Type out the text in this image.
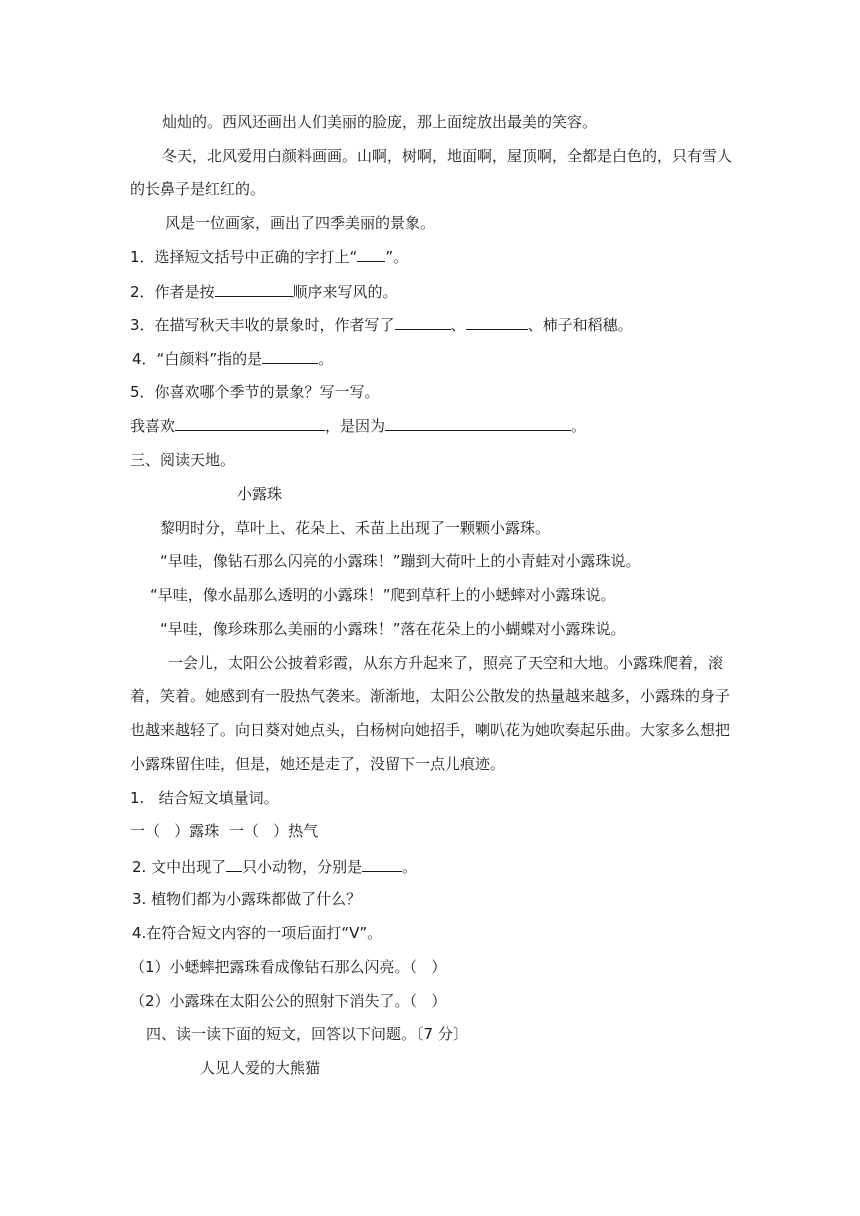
灿灿的。西风还画出人们美丽的脸庞，那上面绽放出最美的笑容。
冬天，北风爱用白颜料画画。山啊，树啊，地面啊，屋顶啊，全都是白色的，只有雪人
的长鼻子是红红的。
风是一位画家，画出了四季美丽的景象。
1．选择短文括号中正确的字打上“ ”。
2．作者是按	顺序来写风的。
3．在描写秋天丰收的景象时，作者写了	、	、柿子和稻穗。
4．“白颜料”指的是	。
5．你喜欢哪个季节的景象？写一写。
我喜欢	，是因为	。
三、阅读天地。
小露珠
黎明时分，草叶上、花朵上、禾苗上出现了一颗颗小露珠。
“早哇，像钻石那么闪亮的小露珠！”蹦到大荷叶上的小青蛙对小露珠说。
“早哇，像水晶那么透明的小露珠！”爬到草秆上的小蟋蟀对小露珠说。
“早哇，像珍珠那么美丽的小露珠！”落在花朵上的小蝴蝶对小露珠说。
一会儿，太阳公公披着彩霞，从东方升起来了，照亮了天空和大地。小露珠爬着，滚
着，笑着。她感到有一股热气袭来。渐渐地，太阳公公散发的热量越来越多，小露珠的身子
也越来越轻了。向日葵对她点头，白杨树向她招手，喇叭花为她吹奏起乐曲。大家多么想把
小露珠留住哇，但是，她还是走了，没留下一点儿痕迹。
1.   结合短文填量词。
一（   ）露珠  一（   ）热气
2. 文中出现了 只小动物，分别是	。
3. 植物们都为小露珠都做了什么？
4.在符合短文内容的一项后面打“V”。
（1）小蟋蟀把露珠看成像钻石那么闪亮。（   ）
（2）小露珠在太阳公公的照射下消失了。（   ）
四、读一读下面的短文，回答以下问题。〔7 分〕
人见人爱的大熊猫
